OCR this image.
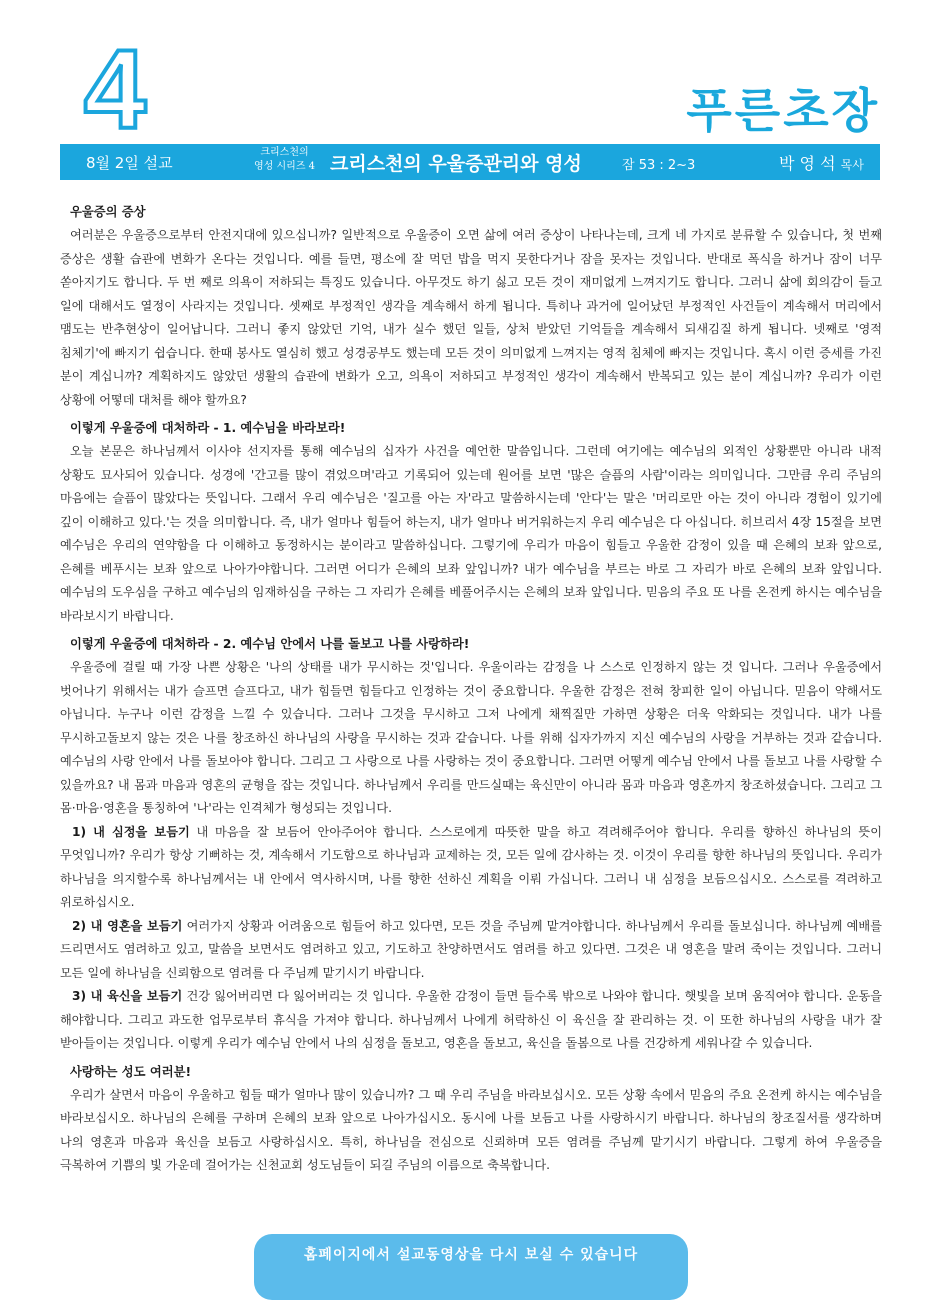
4	푸른초장
8월 2일 설교
크리스천의
영성 시리즈 4 크리스천의 우울증관리와 영성	잠 53 : 2~3	박 영 석 목사
우울증의 증상

여러분은 우울증으로부터 안전지대에 있으십니까? 일반적으로 우울증이 오면 삶에 여러 증상이 나타나는데, 크게 네 가지로 분류할 수 있습니다, 첫 번째 증상은 생활 습관에 변화가 온다는 것입니다. 예를 들면, 평소에 잘 먹던 밥을 먹지 못한다거나 잠을 못자는 것입니다. 반대로 폭식을 하거나 잠이 너무 쏟아지기도 합니다. 두 번 째로 의욕이 저하되는 특징도 있습니다. 아무것도 하기 싫고 모든 것이 재미없게 느껴지기도 합니다. 그러니 삶에 회의감이 들고 일에 대해서도 열정이 사라지는 것입니다. 셋째로 부정적인 생각을 계속해서 하게 됩니다. 특히나 과거에 일어났던 부정적인 사건들이 계속해서 머리에서 맴도는 반추현상이 일어납니다. 그러니 좋지 않았던 기억, 내가 실수 했던 일들, 상처 받았던 기억들을 계속해서 되새김질 하게 됩니다. 넷째로 '영적 침체기'에 빠지기 쉽습니다. 한때 봉사도 열심히 했고 성경공부도 했는데 모든 것이 의미없게 느껴지는 영적 침체에 빠지는 것입니다. 혹시 이런 증세를 가진 분이 계십니까? 계획하지도 않았던 생활의 습관에 변화가 오고, 의욕이 저하되고 부정적인 생각이 계속해서 반복되고 있는 분이 계십니까? 우리가 이런 상황에 어떻데 대처를 해야 할까요?

이렇게 우울증에 대처하라 - 1. 예수님을 바라보라!

오늘 본문은 하나님께서 이사야 선지자를 통해 예수님의 십자가 사건을 예언한 말씀입니다. 그런데 여기에는 예수님의 외적인 상황뿐만 아니라 내적 상황도 묘사되어 있습니다. 성경에 '간고를 많이 겪었으며'라고 기록되어 있는데 원어를 보면 '많은 슬픔의 사람'이라는 의미입니다. 그만큼 우리 주님의 마음에는 슬픔이 많았다는 뜻입니다. 그래서 우리 예수님은 '질고를 아는 자'라고 말씀하시는데 '안다'는 말은 '머리로만 아는 것이 아니라 경험이 있기에 깊이 이해하고 있다.'는 것을 의미합니다. 즉, 내가 얼마나 힘들어 하는지, 내가 얼마나 버거워하는지 우리 예수님은 다 아십니다. 히브리서 4장 15절을 보면 예수님은 우리의 연약함을 다 이해하고 동정하시는 분이라고 말씀하십니다. 그렇기에 우리가 마음이 힘들고 우울한 감정이 있을 때 은혜의 보좌 앞으로, 은혜를 베푸시는 보좌 앞으로 나아가야합니다. 그러면 어디가 은혜의 보좌 앞입니까? 내가 예수님을 부르는 바로 그 자리가 바로 은혜의 보좌 앞입니다. 예수님의 도우심을 구하고 예수님의 임재하심을 구하는 그 자리가 은혜를 베풀어주시는 은혜의 보좌 앞입니다. 믿음의 주요 또 나를 온전케 하시는 예수님을 바라보시기 바랍니다.

이렇게 우울증에 대처하라 - 2. 예수님 안에서 나를 돌보고 나를 사랑하라!

우울증에 걸릴 때 가장 나쁜 상황은 '나의 상태를 내가 무시하는 것'입니다. 우울이라는 감정을 나 스스로 인정하지 않는 것 입니다. 그러나 우울증에서 벗어나기 위해서는 내가 슬프면 슬프다고, 내가 힘들면 힘들다고 인정하는 것이 중요합니다. 우울한 감정은 전혀 창피한 일이 아닙니다. 믿음이 약해서도 아닙니다. 누구나 이런 감정을 느낄 수 있습니다. 그러나 그것을 무시하고 그저 나에게 채찍질만 가하면 상황은 더욱 악화되는 것입니다. 내가 나를 무시하고돌보지 않는 것은 나를 창조하신 하나님의 사랑을 무시하는 것과 같습니다. 나를 위해 십자가까지 지신 예수님의 사랑을 거부하는 것과 같습니다. 예수님의 사랑 안에서 나를 돌보아야 합니다. 그리고 그 사랑으로 나를 사랑하는 것이 중요합니다. 그러면 어떻게 예수님 안에서 나를 돌보고 나를 사랑할 수 있을까요? 내 몸과 마음과 영혼의 균형을 잡는 것입니다. 하나님께서 우리를 만드실때는 육신만이 아니라 몸과 마음과 영혼까지 창조하셨습니다. 그리고 그 몸·마음·영혼을 통칭하여 '나'라는 인격체가 형성되는 것입니다.

1) 내 심정을 보듬기 내 마음을 잘 보듬어 안아주어야 합니다. 스스로에게 따뜻한 말을 하고 격려해주어야 합니다. 우리를 향하신 하나님의 뜻이 무엇입니까? 우리가 항상 기뻐하는 것, 계속해서 기도함으로 하나님과 교제하는 것, 모든 일에 감사하는 것. 이것이 우리를 향한 하나님의 뜻입니다. 우리가 하나님을 의지할수록 하나님께서는 내 안에서 역사하시며, 나를 향한 선하신 계획을 이뤄 가십니다. 그러니 내 심정을 보듬으십시오. 스스로를 격려하고 위로하십시오.

2) 내 영혼을 보듬기 여러가지 상황과 어려움으로 힘들어 하고 있다면, 모든 것을 주님께 맡겨야합니다. 하나님께서 우리를 돌보십니다. 하나님께 예배를 드리면서도 염려하고 있고, 말씀을 보면서도 염려하고 있고, 기도하고 찬양하면서도 염려를 하고 있다면. 그것은 내 영혼을 말려 죽이는 것입니다. 그러니 모든 일에 하나님을 신뢰함으로 염려를 다 주님께 맡기시기 바랍니다.

3) 내 육신을 보듬기 건강 잃어버리면 다 잃어버리는 것 입니다. 우울한 감정이 들면 들수록 밖으로 나와야 합니다. 햇빛을 보며 움직여야 합니다. 운동을 해야합니다. 그리고 과도한 업무로부터 휴식을 가져야 합니다. 하나님께서 나에게 허락하신 이 육신을 잘 관리하는 것. 이 또한 하나님의 사랑을 내가 잘 받아들이는 것입니다. 이렇게 우리가 예수님 안에서 나의 심정을 돌보고, 영혼을 돌보고, 육신을 돌봄으로 나를 건강하게 세워나갈 수 있습니다.

사랑하는 성도 여러분!

우리가 살면서 마음이 우울하고 힘들 때가 얼마나 많이 있습니까? 그 때 우리 주님을 바라보십시오. 모든 상황 속에서 믿음의 주요 온전케 하시는 예수님을 바라보십시오. 하나님의 은혜를 구하며 은혜의 보좌 앞으로 나아가십시오. 동시에 나를 보듬고 나를 사랑하시기 바랍니다. 하나님의 창조질서를 생각하며 나의 영혼과 마음과 육신을 보듬고 사랑하십시오. 특히, 하나님을 전심으로 신뢰하며 모든 염려를 주님께 맡기시기 바랍니다. 그렇게 하여 우울증을 극복하여 기쁨의 빛 가운데 걸어가는 신천교회 성도님들이 되길 주님의 이름으로 축복합니다.

홈페이지에서 설교동영상을 다시 보실 수 있습니다
